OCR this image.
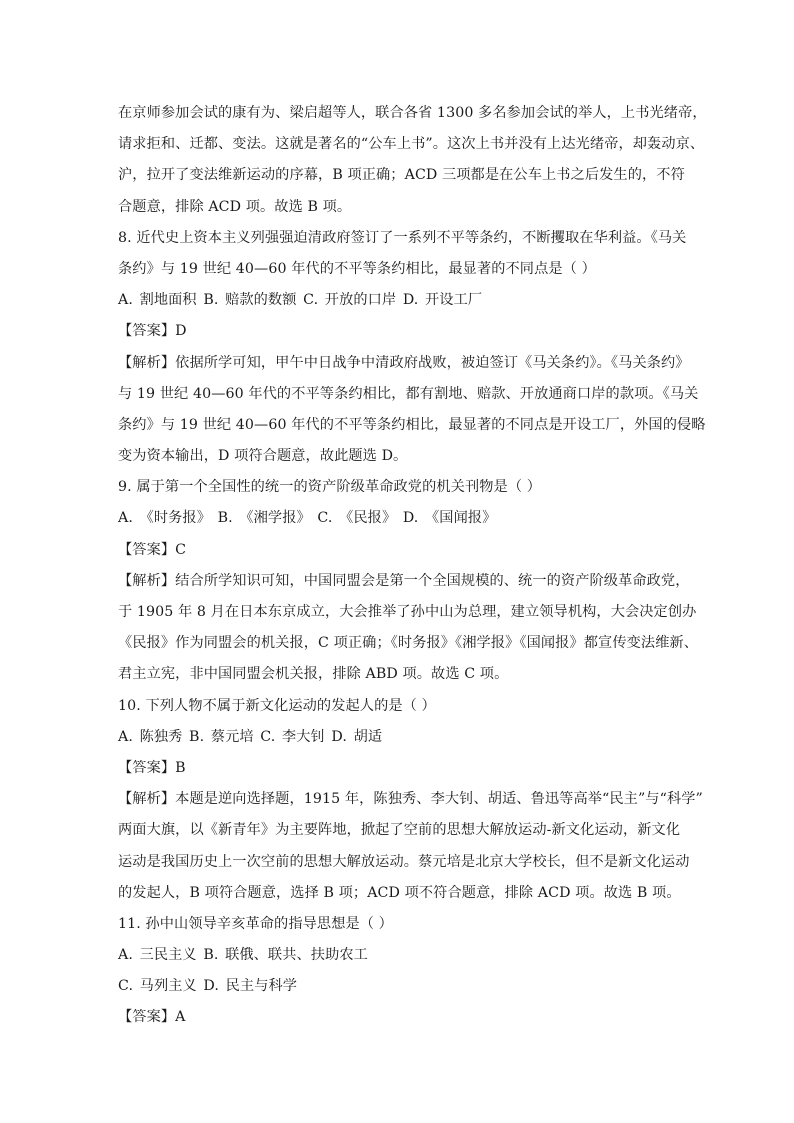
在京师参加会试的康有为、梁启超等人，联合各省 1300 多名参加会试的举人，上书光绪帝，
请求拒和、迁都、变法。这就是著名的“公车上书”。这次上书并没有上达光绪帝，却轰动京、
沪，拉开了变法维新运动的序幕，B 项正确；ACD 三项都是在公车上书之后发生的，不符
合题意，排除 ACD 项。故选 B 项。
8. 近代史上资本主义列强强迫清政府签订了一系列不平等条约，不断攫取在华利益。《马关
条约》与 19 世纪 40—60 年代的不平等条约相比，最显著的不同点是（ ）
A. 割地面积 B. 赔款的数额 C. 开放的口岸 D. 开设工厂
【答案】D
【解析】依据所学可知，甲午中日战争中清政府战败，被迫签订《马关条约》。《马关条约》
与 19 世纪 40—60 年代的不平等条约相比，都有割地、赔款、开放通商口岸的款项。《马关
条约》与 19 世纪 40—60 年代的不平等条约相比，最显著的不同点是开设工厂，外国的侵略
变为资本输出，D 项符合题意，故此题选 D。
9. 属于第一个全国性的统一的资产阶级革命政党的机关刊物是（ ）
A. 《时务报》 B. 《湘学报》 C. 《民报》 D. 《国闻报》
【答案】C
【解析】结合所学知识可知，中国同盟会是第一个全国规模的、统一的资产阶级革命政党，
于 1905 年 8 月在日本东京成立，大会推举了孙中山为总理，建立领导机构，大会决定创办
《民报》作为同盟会的机关报，C 项正确；《时务报》《湘学报》《国闻报》都宣传变法维新、
君主立宪，非中国同盟会机关报，排除 ABD 项。故选 C 项。
10. 下列人物不属于新文化运动的发起人的是（ ）
A. 陈独秀 B. 蔡元培 C. 李大钊 D. 胡适
【答案】B
【解析】本题是逆向选择题，1915 年，陈独秀、李大钊、胡适、鲁迅等高举“民主”与“科学”
两面大旗，以《新青年》为主要阵地，掀起了空前的思想大解放运动-新文化运动，新文化
运动是我国历史上一次空前的思想大解放运动。蔡元培是北京大学校长，但不是新文化运动
的发起人，B 项符合题意，选择 B 项；ACD 项不符合题意，排除 ACD 项。故选 B 项。
11. 孙中山领导辛亥革命的指导思想是（ ）
A. 三民主义 B. 联俄、联共、扶助农工
C. 马列主义 D. 民主与科学
【答案】A
